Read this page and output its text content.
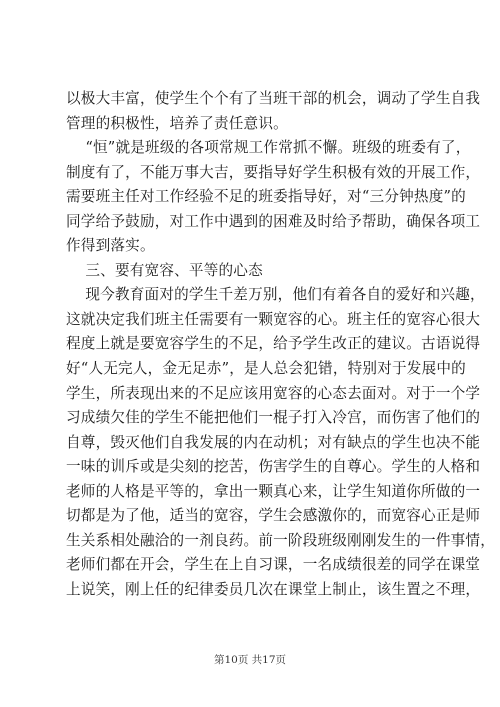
以极大丰富，使学生个个有了当班干部的机会，调动了学生自我
管理的积极性，培养了责任意识。
“恒”就是班级的各项常规工作常抓不懈。班级的班委有了，
制度有了，不能万事大吉，要指导好学生积极有效的开展工作，
需要班主任对工作经验不足的班委指导好，对“三分钟热度”的
同学给予鼓励，对工作中遇到的困难及时给予帮助，确保各项工
作得到落实。
三、要有宽容、平等的心态
现今教育面对的学生千差万别，他们有着各自的爱好和兴趣，
这就决定我们班主任需要有一颗宽容的心。班主任的宽容心很大
程度上就是要宽容学生的不足，给予学生改正的建议。古语说得
好“人无完人，金无足赤”，是人总会犯错，特别对于发展中的
学生，所表现出来的不足应该用宽容的心态去面对。对于一个学
习成绩欠佳的学生不能把他们一棍子打入冷宫，而伤害了他们的
自尊，毁灭他们自我发展的内在动机；对有缺点的学生也决不能
一味的训斥或是尖刻的挖苦，伤害学生的自尊心。学生的人格和
老师的人格是平等的，拿出一颗真心来，让学生知道你所做的一
切都是为了他，适当的宽容，学生会感激你的，而宽容心正是师
生关系相处融洽的一剂良药。前一阶段班级刚刚发生的一件事情，
老师们都在开会，学生在上自习课，一名成绩很差的同学在课堂
上说笑，刚上任的纪律委员几次在课堂上制止，该生置之不理，
第10页 共17页
